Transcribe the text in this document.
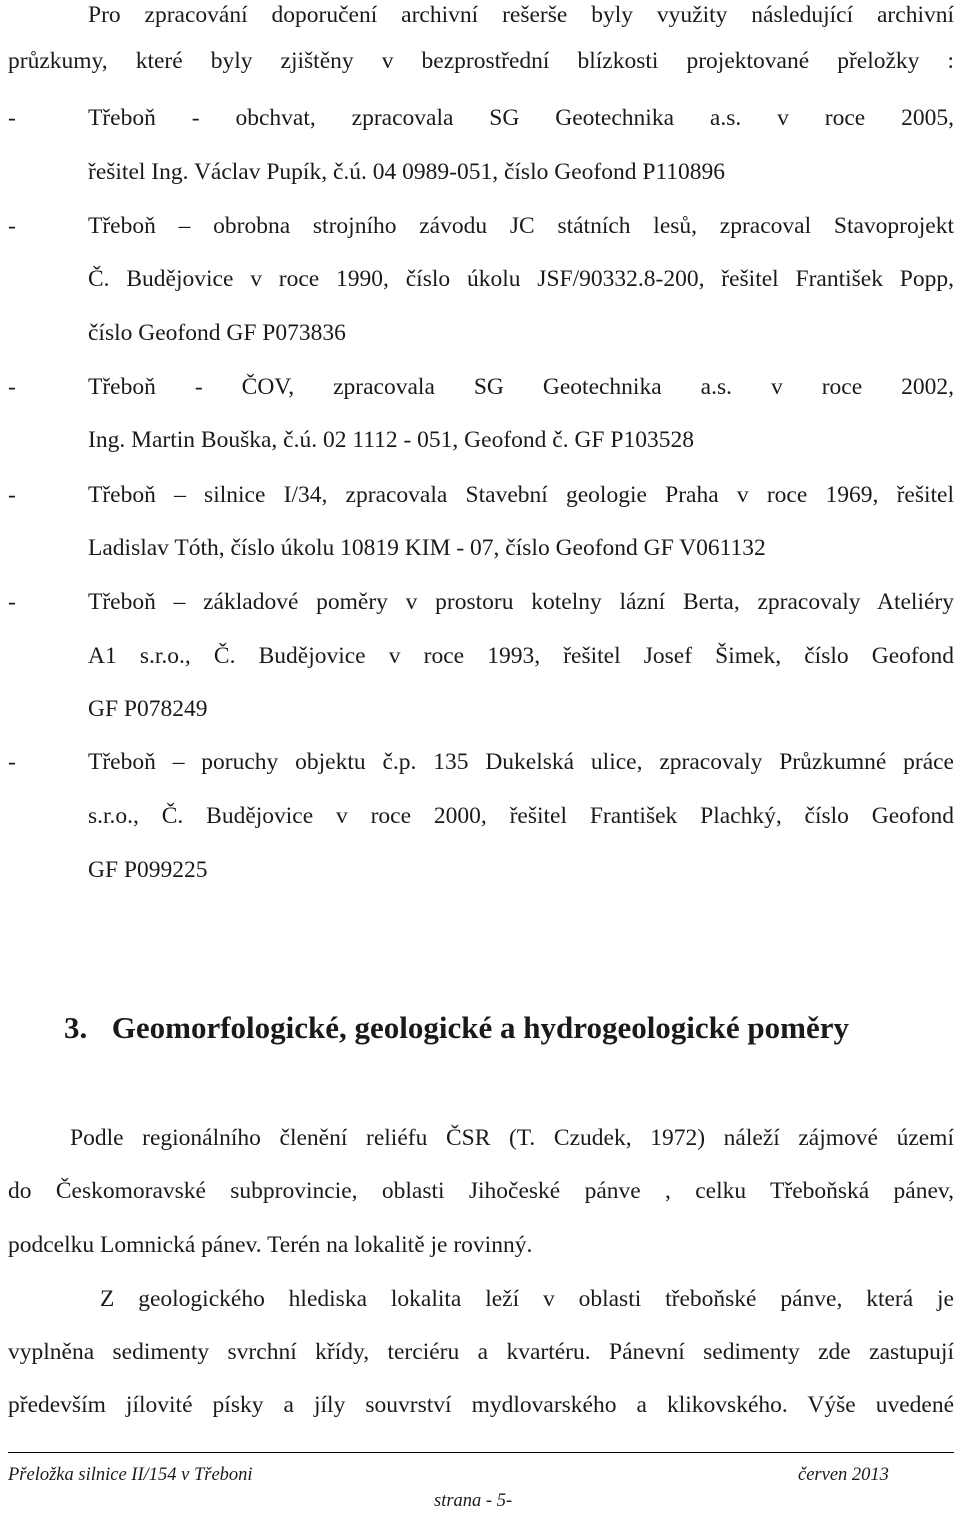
Pro zpracování doporučení archivní rešerše byly využity následující archivní
průzkumy, které byly zjištěny v bezprostřední blízkosti projektované přeložky :
-	Třeboň - obchvat, zpracovala SG Geotechnika a.s. v roce 2005,
řešitel Ing. Václav Pupík, č.ú. 04 0989-051, číslo Geofond P110896
-	Třeboň – obrobna strojního závodu JC státních lesů, zpracoval Stavoprojekt
Č. Budějovice v roce 1990, číslo úkolu JSF/90332.8-200, řešitel František Popp,
číslo Geofond GF P073836
-	Třeboň - ČOV, zpracovala SG Geotechnika a.s. v roce 2002,
Ing. Martin Bouška, č.ú. 02 1112 - 051, Geofond č. GF P103528
-	Třeboň – silnice I/34, zpracovala Stavební geologie Praha v roce 1969, řešitel
Ladislav Tóth, číslo úkolu 10819 KIM - 07, číslo Geofond GF V061132
-	Třeboň – základové poměry v prostoru kotelny lázní Berta, zpracovaly Ateliéry
A1 s.r.o., Č. Budějovice v roce 1993, řešitel Josef Šimek, číslo Geofond
GF P078249
-	Třeboň – poruchy objektu č.p. 135 Dukelská ulice, zpracovaly Průzkumné práce
s.r.o., Č. Budějovice v roce 2000, řešitel František Plachký, číslo Geofond
GF P099225
3. Geomorfologické, geologické a hydrogeologické poměry
Podle regionálního členění reliéfu ČSR (T. Czudek, 1972) náleží zájmové území
do Českomoravské subprovincie, oblasti Jihočeské pánve , celku Třeboňská pánev,
podcelku Lomnická pánev. Terén na lokalitě je rovinný.
Z geologického hlediska lokalita leží v oblasti třeboňské pánve, která je
vyplněna sedimenty svrchní křídy, terciéru a kvartéru. Pánevní sedimenty zde zastupují
především jílovité písky a jíly souvrství mydlovarského a klikovského. Výše uvedené
Přeložka silnice II/154 v Třeboni	červen 2013
strana - 5-
